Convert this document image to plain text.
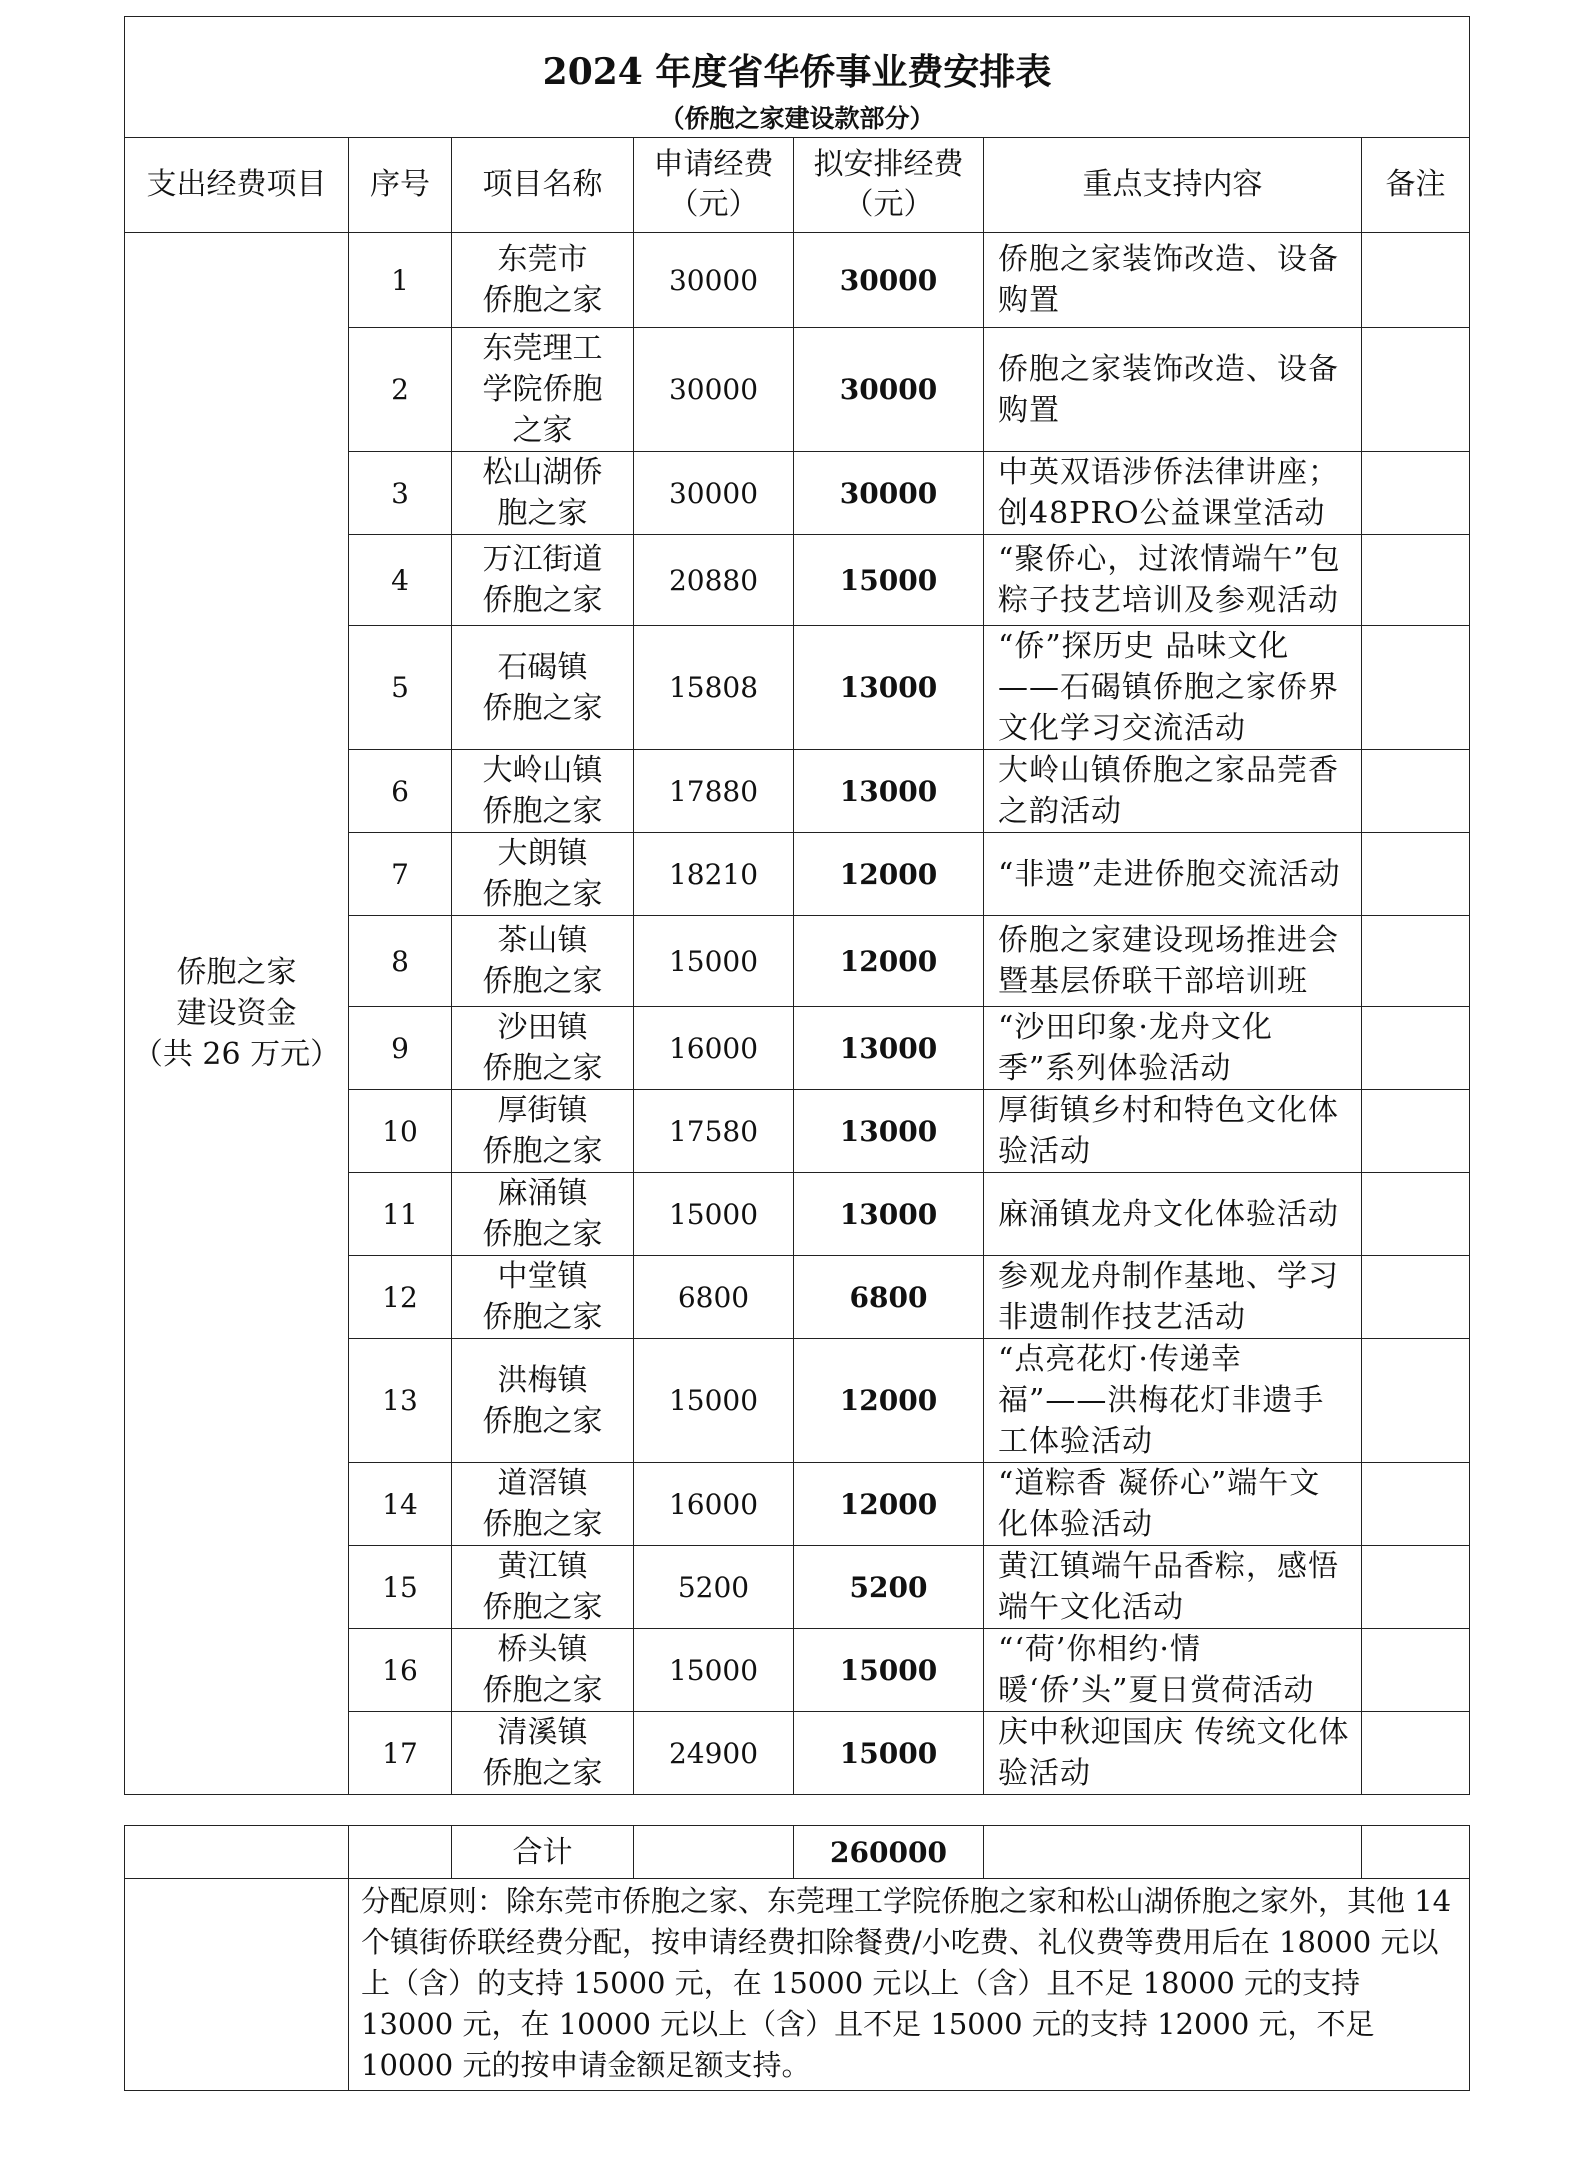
2024 年度省华侨事业费安排表						
（侨胞之家建设款部分）						
支出经费项目	序号	项目名称	申请经费
（元）	拟安排经费
（元）	重点支持内容	备注
侨胞之家
建设资金
（共 26 万元）	1	东莞市
侨胞之家	30000	30000	侨胞之家装饰改造、设备购置	
	2	东莞理工
学院侨胞
之家	30000	30000	侨胞之家装饰改造、设备购置	
	3	松山湖侨
胞之家	30000	30000	中英双语涉侨法律讲座；创48PRO公益课堂活动	
	4	万江街道
侨胞之家	20880	15000	“聚侨心，过浓情端午”包粽子技艺培训及参观活动	
	5	石碣镇
侨胞之家	15808	13000	“侨”探历史 品味文化——石碣镇侨胞之家侨界文化学习交流活动	
	6	大岭山镇
侨胞之家	17880	13000	大岭山镇侨胞之家品莞香之韵活动	
	7	大朗镇
侨胞之家	18210	12000	“非遗”走进侨胞交流活动	
	8	茶山镇
侨胞之家	15000	12000	侨胞之家建设现场推进会暨基层侨联干部培训班	
	9	沙田镇
侨胞之家	16000	13000	“沙田印象·龙舟文化季”系列体验活动	
	10	厚街镇
侨胞之家	17580	13000	厚街镇乡村和特色文化体验活动	
	11	麻涌镇
侨胞之家	15000	13000	麻涌镇龙舟文化体验活动	
	12	中堂镇
侨胞之家	6800	6800	参观龙舟制作基地、学习非遗制作技艺活动	
	13	洪梅镇
侨胞之家	15000	12000	“点亮花灯·传递幸福”——洪梅花灯非遗手工体验活动	
	14	道滘镇
侨胞之家	16000	12000	“道粽香 凝侨心”端午文化体验活动	
	15	黄江镇
侨胞之家	5200	5200	黄江镇端午品香粽，感悟端午文化活动	
	16	桥头镇
侨胞之家	15000	15000	“‘荷’你相约·情暖‘侨’头”夏日赏荷活动	
	17	清溪镇
侨胞之家	24900	15000	庆中秋迎国庆 传统文化体验活动	
		合计		260000		
	分配原则：除东莞市侨胞之家、东莞理工学院侨胞之家和松山湖侨胞之家外，其他 14 个镇街侨联经费分配，按申请经费扣除餐费/小吃费、礼仪费等费用后在 18000 元以上（含）的支持 15000 元，在 15000 元以上（含）且不足 18000 元的支持 13000 元，在 10000 元以上（含）且不足 15000 元的支持 12000 元，不足 10000 元的按申请金额足额支持。					
